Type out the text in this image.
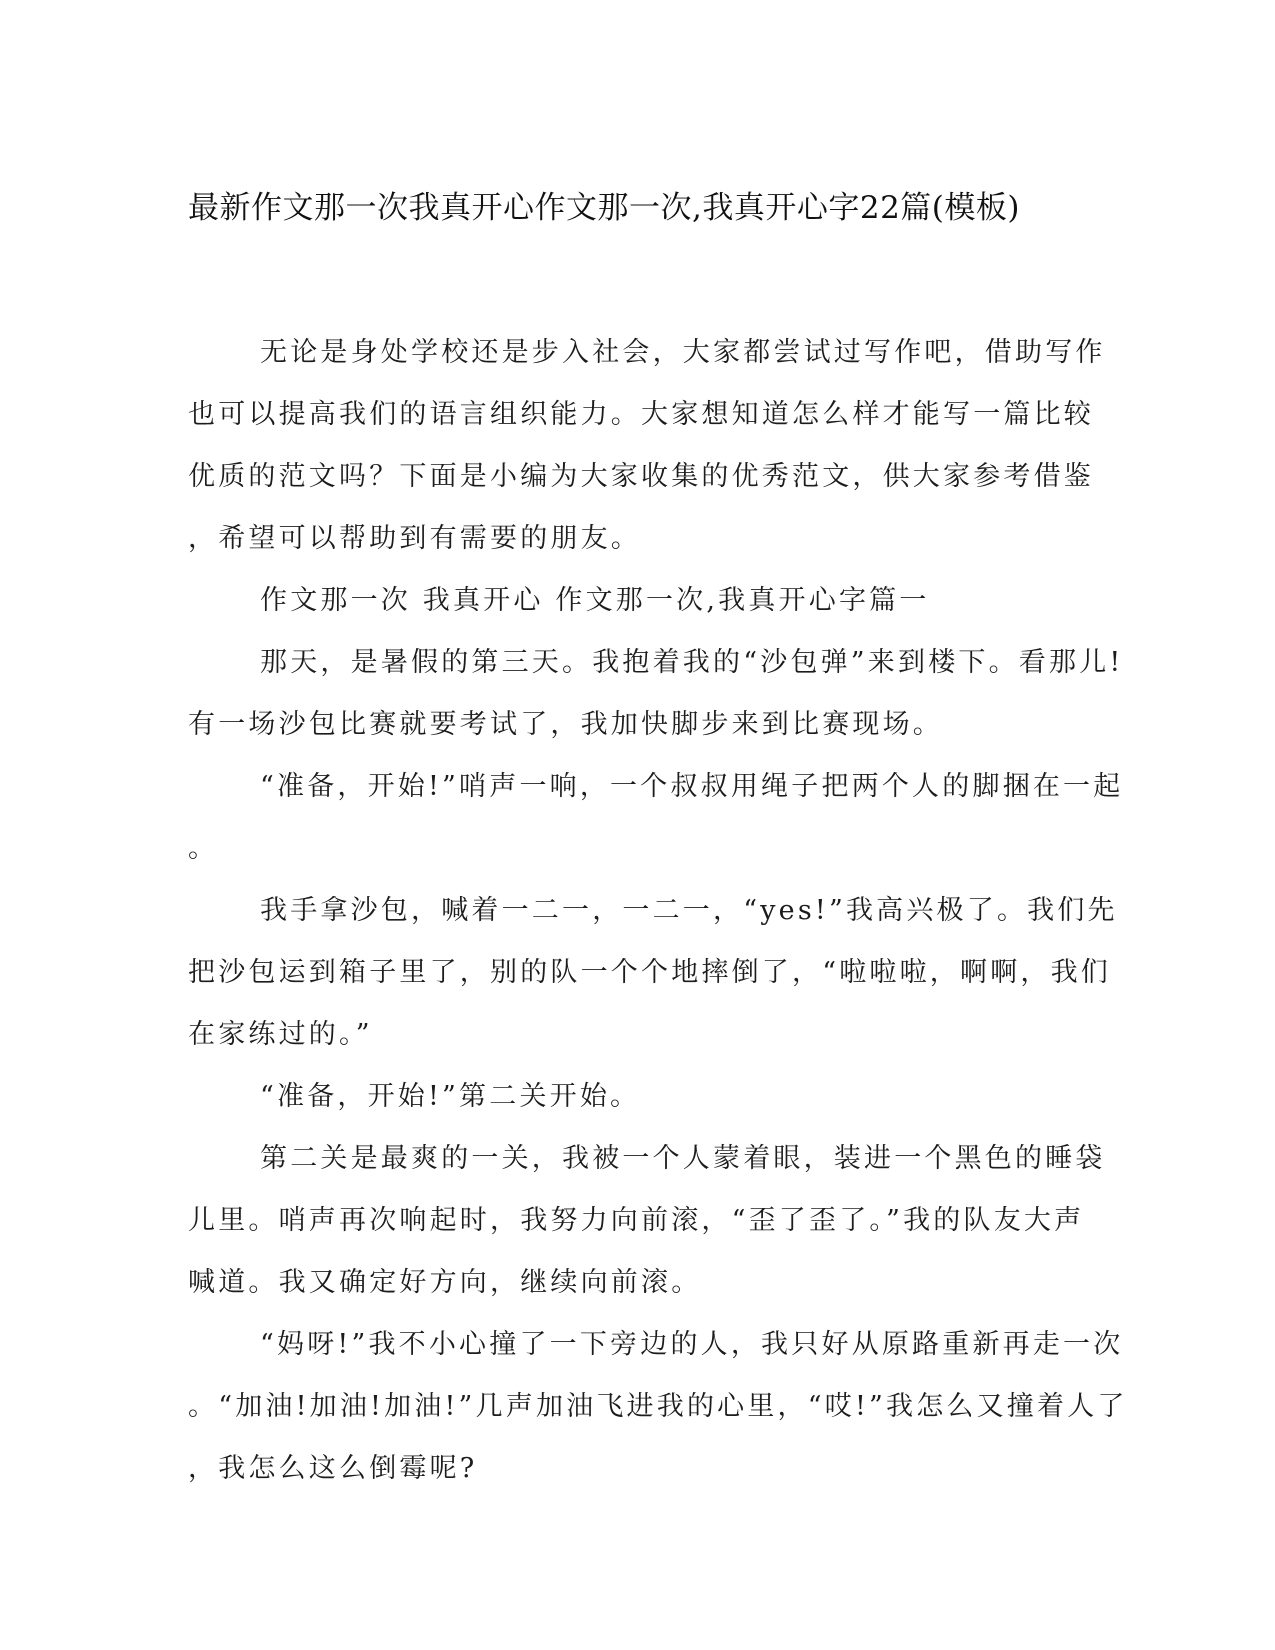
最新作文那一次我真开心作文那一次,我真开心字22篇(模板)

无论是身处学校还是步入社会，大家都尝试过写作吧，借助写作

也可以提高我们的语言组织能力。大家想知道怎么样才能写一篇比较

优质的范文吗？下面是小编为大家收集的优秀范文，供大家参考借鉴

，希望可以帮助到有需要的朋友。

作文那一次 我真开心 作文那一次,我真开心字篇一

那天，是暑假的第三天。我抱着我的“沙包弹”来到楼下。看那儿!

有一场沙包比赛就要考试了，我加快脚步来到比赛现场。

“准备，开始!”哨声一响，一个叔叔用绳子把两个人的脚捆在一起

。

我手拿沙包，喊着一二一，一二一，“yes!”我高兴极了。我们先

把沙包运到箱子里了，别的队一个个地摔倒了，“啦啦啦，啊啊，我们

在家练过的。”

“准备，开始!”第二关开始。

第二关是最爽的一关，我被一个人蒙着眼，装进一个黑色的睡袋

儿里。哨声再次响起时，我努力向前滚，“歪了歪了。”我的队友大声

喊道。我又确定好方向，继续向前滚。

“妈呀!”我不小心撞了一下旁边的人，我只好从原路重新再走一次

。“加油!加油!加油!”几声加油飞进我的心里，“哎!”我怎么又撞着人了

，我怎么这么倒霉呢?
